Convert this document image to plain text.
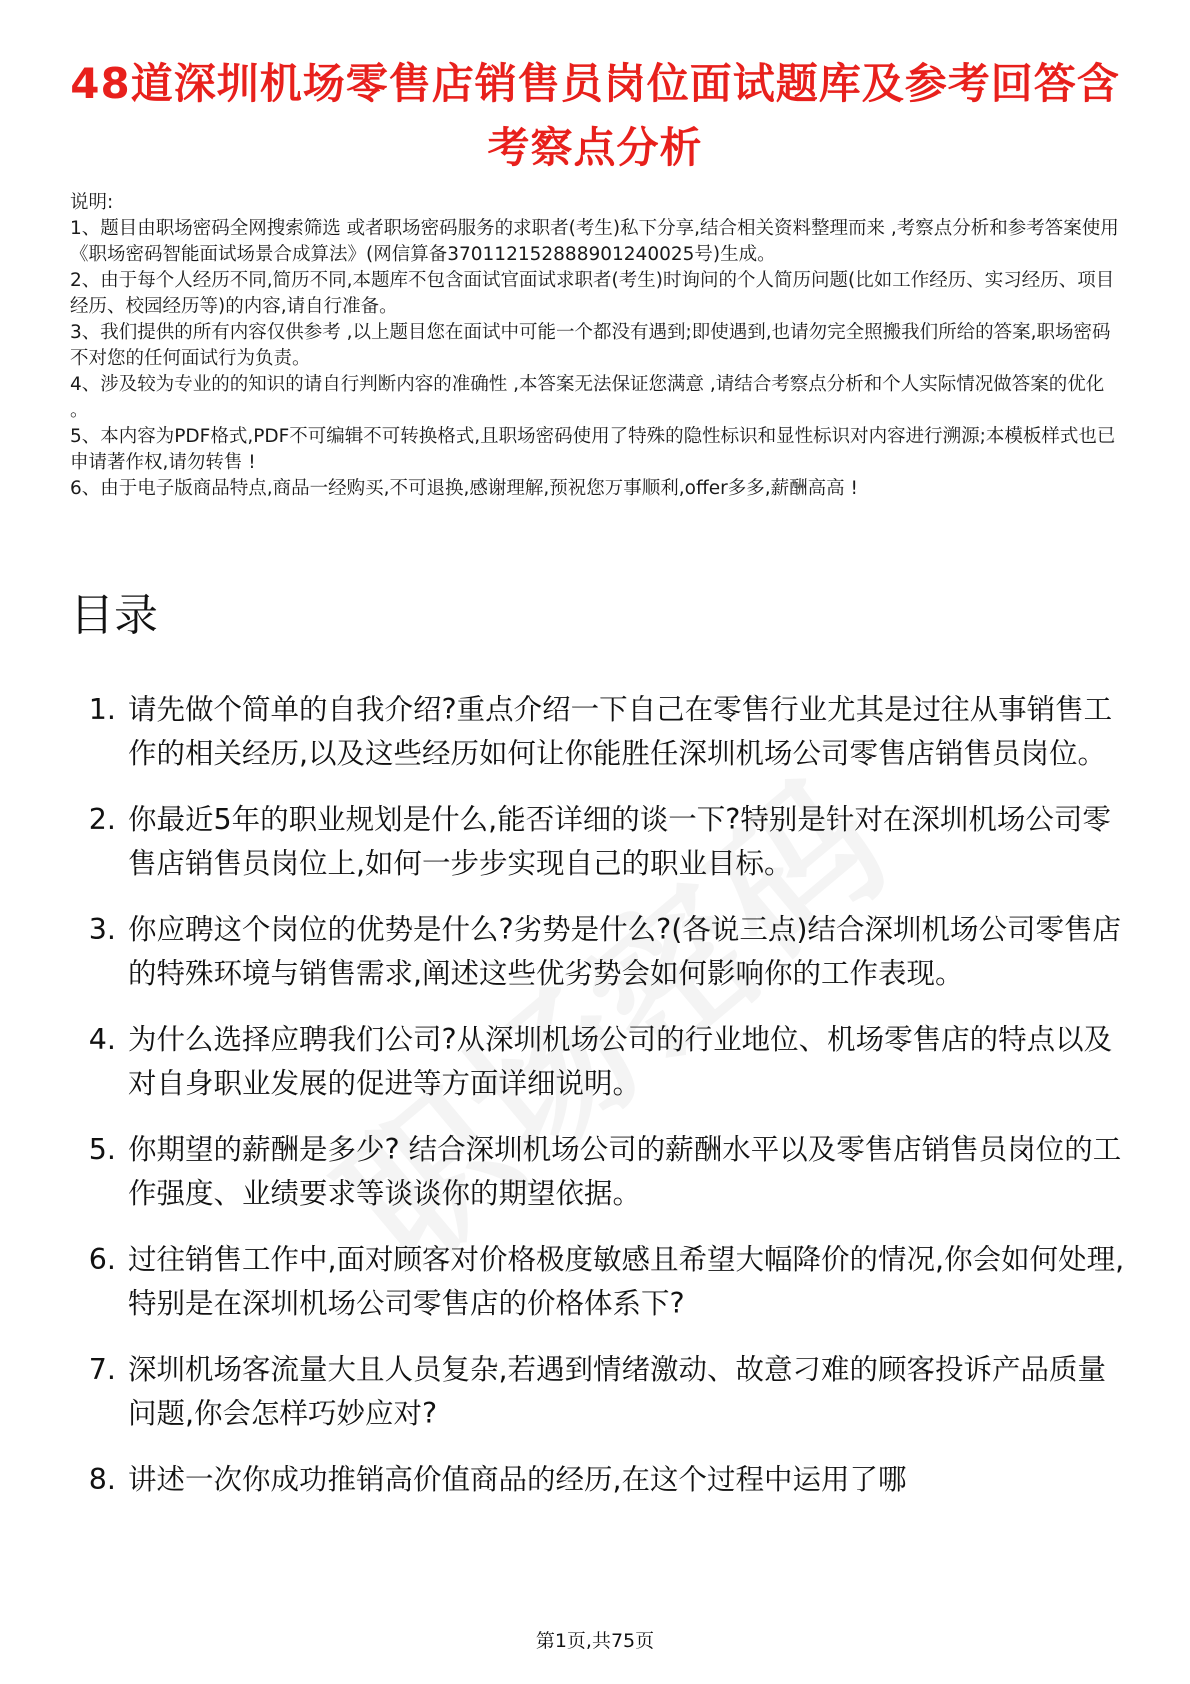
48道深圳机场零售店销售员岗位面试题库及参考回答含考察点分析

说明:

1、题目由职场密码全网搜索筛选 或者职场密码服务的求职者(考生)私下分享,结合相关资料整理而来 ,考察点分析和参考答案使用《职场密码智能面试场景合成算法》(网信算备370112152888901240025号)生成。

2、由于每个人经历不同,简历不同,本题库不包含面试官面试求职者(考生)时询问的个人简历问题(比如工作经历、实习经历、项目经历、校园经历等)的内容,请自行准备。

3、我们提供的所有内容仅供参考 ,以上题目您在面试中可能一个都没有遇到;即使遇到,也请勿完全照搬我们所给的答案,职场密码不对您的任何面试行为负责。

4、涉及较为专业的的知识的请自行判断内容的准确性 ,本答案无法保证您满意 ,请结合考察点分析和个人实际情况做答案的优化 。

5、本内容为PDF格式,PDF不可编辑不可转换格式,且职场密码使用了特殊的隐性标识和显性标识对内容进行溯源;本模板样式也已申请著作权,请勿转售 !

6、由于电子版商品特点,商品一经购买,不可退换,感谢理解,预祝您万事顺利,offer多多,薪酬高高 !

目录
1. 请先做个简单的自我介绍?重点介绍一下自己在零售行业尤其是过往从事销售工作的相关经历,以及这些经历如何让你能胜任深圳机场公司零售店销售员岗位。
2. 你最近5年的职业规划是什么,能否详细的谈一下?特别是针对在深圳机场公司零售店销售员岗位上,如何一步步实现自己的职业目标。
3. 你应聘这个岗位的优势是什么?劣势是什么?(各说三点)结合深圳机场公司零售店的特殊环境与销售需求,阐述这些优劣势会如何影响你的工作表现。
4. 为什么选择应聘我们公司?从深圳机场公司的行业地位、机场零售店的特点以及对自身职业发展的促进等方面详细说明。
5. 你期望的薪酬是多少? 结合深圳机场公司的薪酬水平以及零售店销售员岗位的工作强度、业绩要求等谈谈你的期望依据。
6. 过往销售工作中,面对顾客对价格极度敏感且希望大幅降价的情况,你会如何处理,特别是在深圳机场公司零售店的价格体系下?
7. 深圳机场客流量大且人员复杂,若遇到情绪激动、故意刁难的顾客投诉产品质量问题,你会怎样巧妙应对?
8. 讲述一次你成功推销高价值商品的经历,在这个过程中运用了哪
第1页,共75页
